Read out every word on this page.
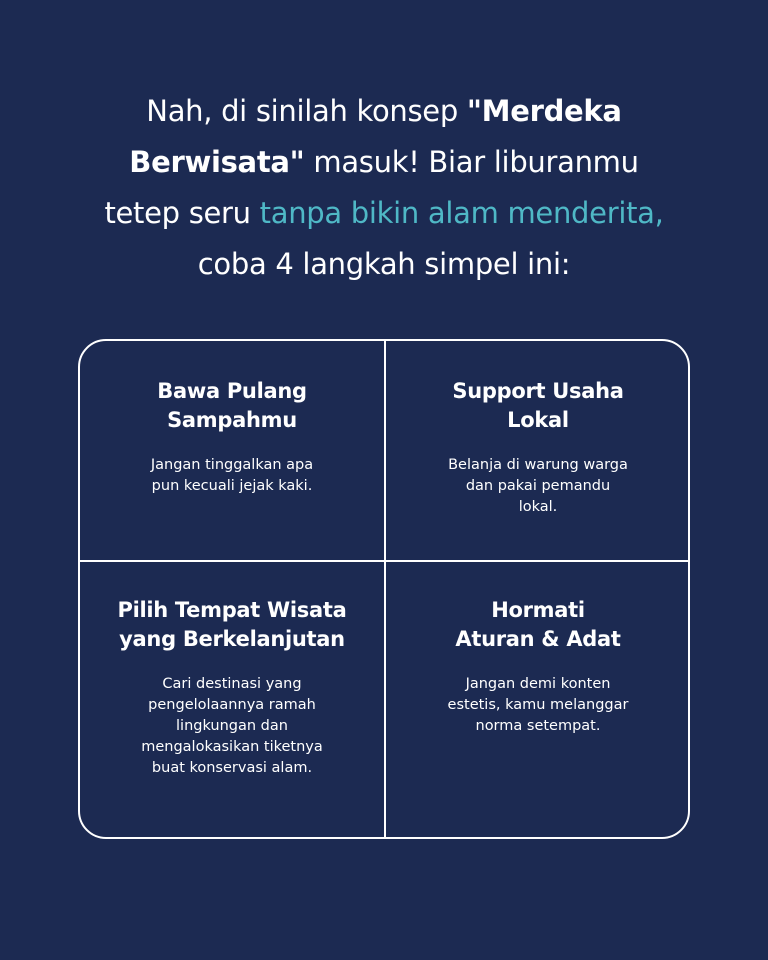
Nah, di sinilah konsep "Merdeka
Berwisata" masuk! Biar liburanmu
tetep seru tanpa bikin alam menderita,
coba 4 langkah simpel ini:
Bawa Pulang
Sampahmu
Jangan tinggalkan apa
pun kecuali jejak kaki.
Support Usaha
Lokal
Belanja di warung warga
dan pakai pemandu
lokal.
Pilih Tempat Wisata
yang Berkelanjutan
Cari destinasi yang
pengelolaannya ramah
lingkungan dan
mengalokasikan tiketnya
buat konservasi alam.
Hormati
Aturan & Adat
Jangan demi konten
estetis, kamu melanggar
norma setempat.
